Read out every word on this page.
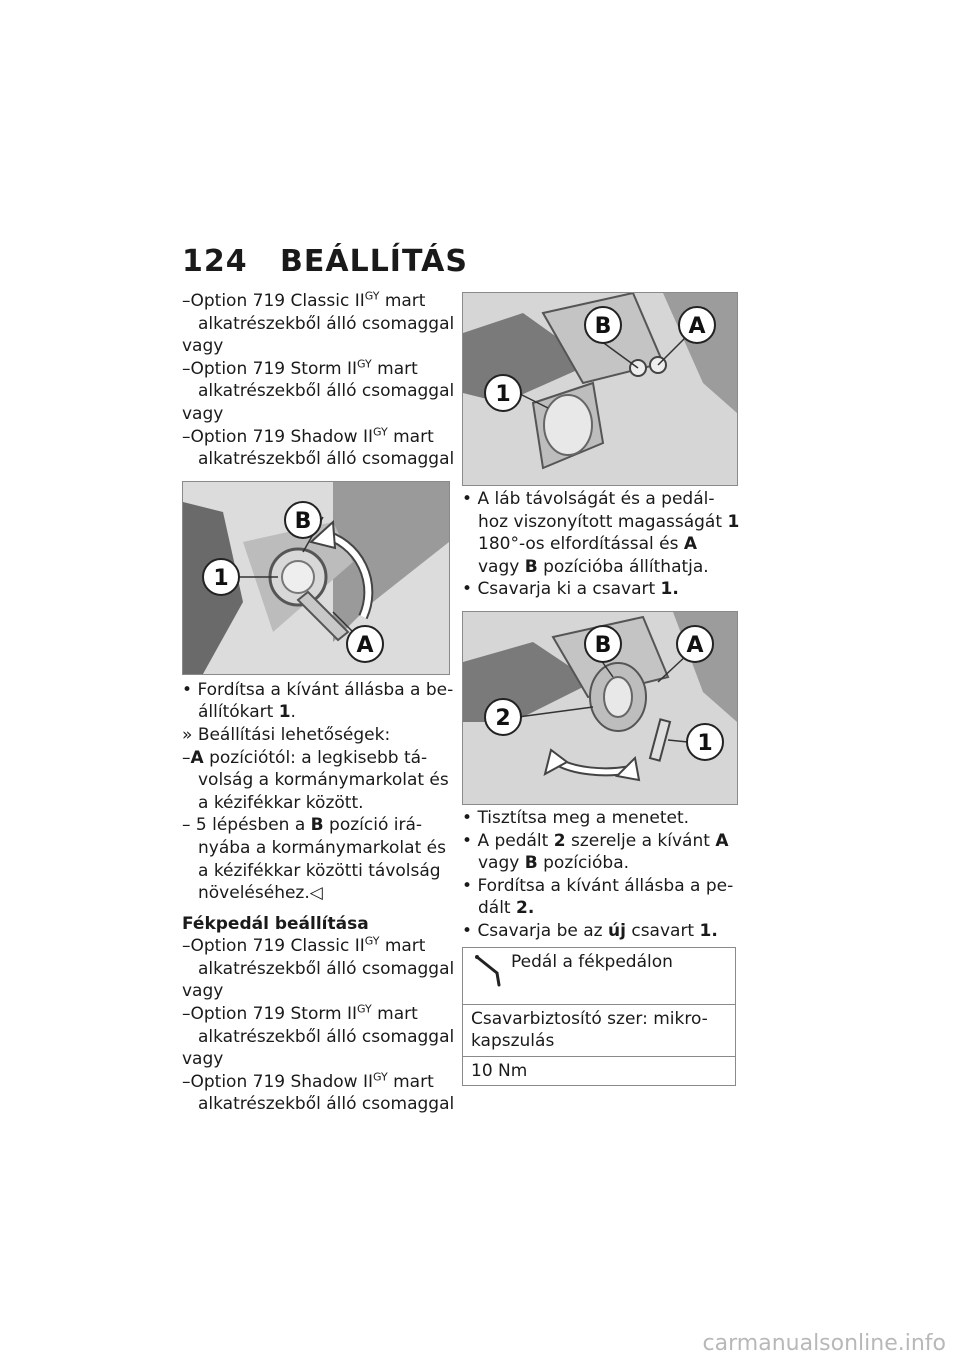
124 BEÁLLÍTÁS
–Option 719 Classic $II^{GY}$ mart
alkatrészekből álló csomaggal
vagy
–Option 719 Storm $II^{GY}$ mart
alkatrészekből álló csomaggal
vagy
–Option 719 Shadow $II^{GY}$ mart
alkatrészekből álló csomaggal
B
1
A
• Fordítsa a kívánt állásba a be-
állítókart 1.
» Beállítási lehetőségek:
–A pozíciótól: a legkisebb tá-
volság a kormánymarkolat és
a kézifékkar között.
– 5 lépésben a B pozíció irá-
nyába a kormánymarkolat és
a kézifékkar közötti távolság
növeléséhez.◁
Fékpedál beállítása
–Option 719 Classic $II^{GY}$ mart
alkatrészekből álló csomaggal
vagy
–Option 719 Storm $II^{GY}$ mart
alkatrészekből álló csomaggal
vagy
–Option 719 Shadow $II^{GY}$ mart
alkatrészekből álló csomaggal
B	A
1
• A láb távolságát és a pedál-
hoz viszonyított magasságát 1
180°-os elfordítással és A
vagy B pozícióba állíthatja.
• Csavarja ki a csavart 1.
B	A
2
1
• Tisztítsa meg a menetet.
• A pedált 2 szerelje a kívánt A
vagy B pozícióba.
• Fordítsa a kívánt állásba a pe-
dált 2.
• Csavarja be az új csavart 1.
Pedál a fékpedálon
Csavarbiztosító szer: mikro-
kapszulás
10 Nm
carmanualsonline.info
